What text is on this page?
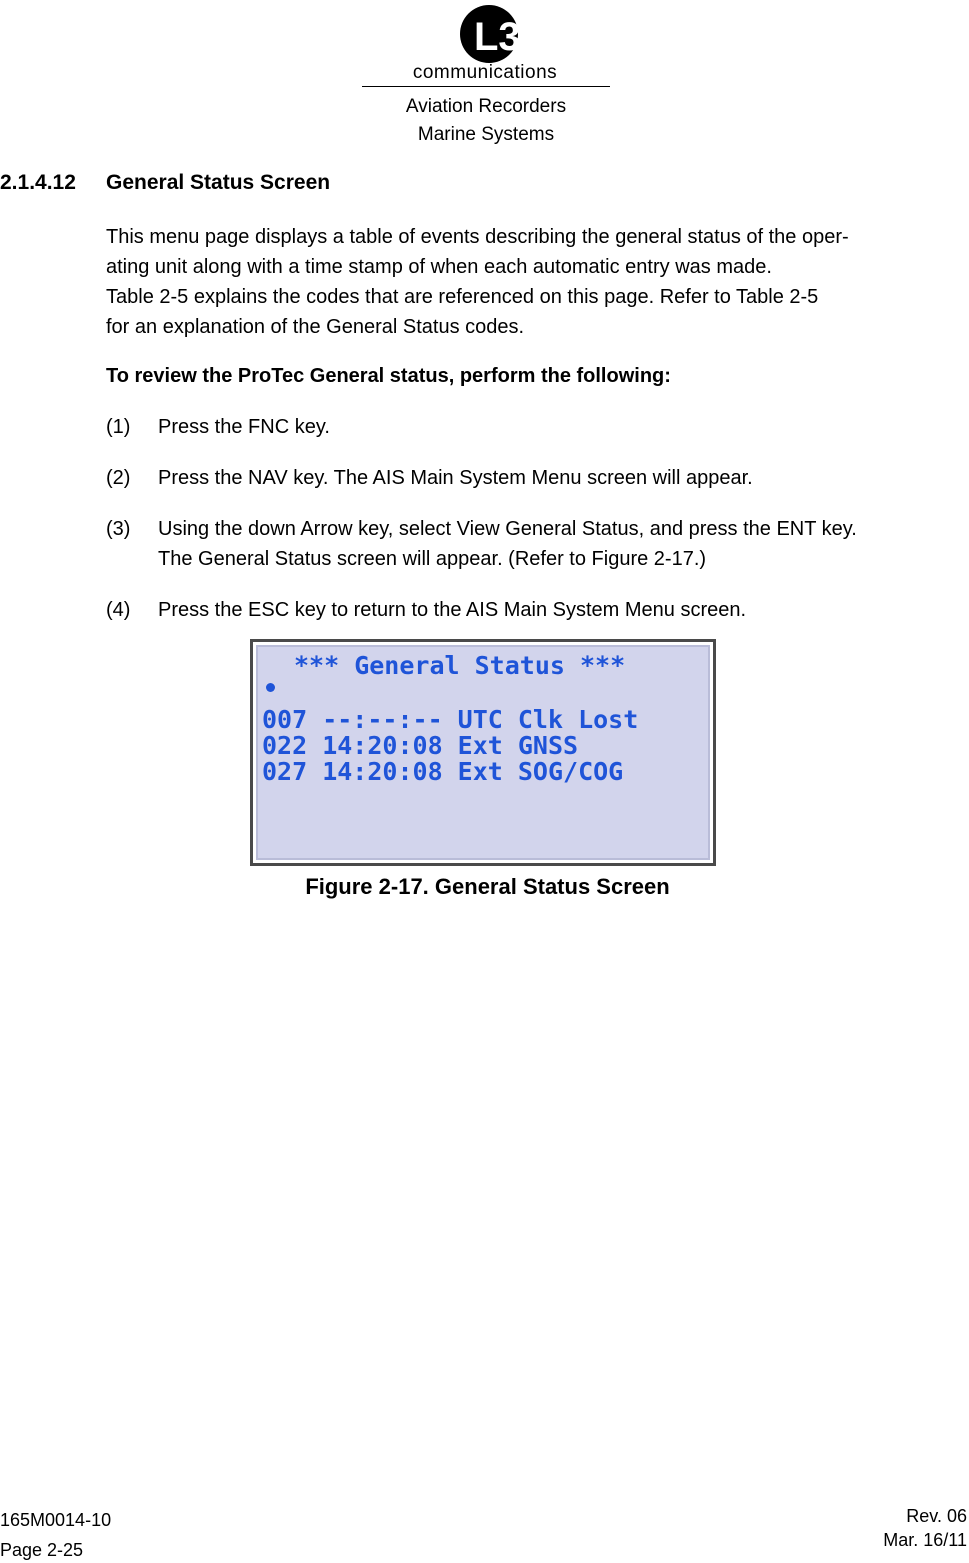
L3
communications
Aviation Recorders
Marine Systems
2.1.4.12 General Status Screen
This menu page displays a table of events describing the general status of the oper-
ating unit along with a time stamp of when each automatic entry was made.
Table 2-5 explains the codes that are referenced on this page. Refer to Table 2-5
for an explanation of the General Status codes.
To review the ProTec General status, perform the following:
(1) Press the FNC key.
(2) Press the NAV key. The AIS Main System Menu screen will appear.
(3) Using the down Arrow key, select View General Status, and press the ENT key.
The General Status screen will appear. (Refer to Figure 2-17.)
(4) Press the ESC key to return to the AIS Main System Menu screen.
*** General Status ***
007 --:--:-- UTC Clk Lost
022 14:20:08 Ext GNSS
027 14:20:08 Ext SOG/COG
Figure 2-17. General Status Screen
165M0014-10
Page 2-25
Rev. 06
Mar. 16/11
